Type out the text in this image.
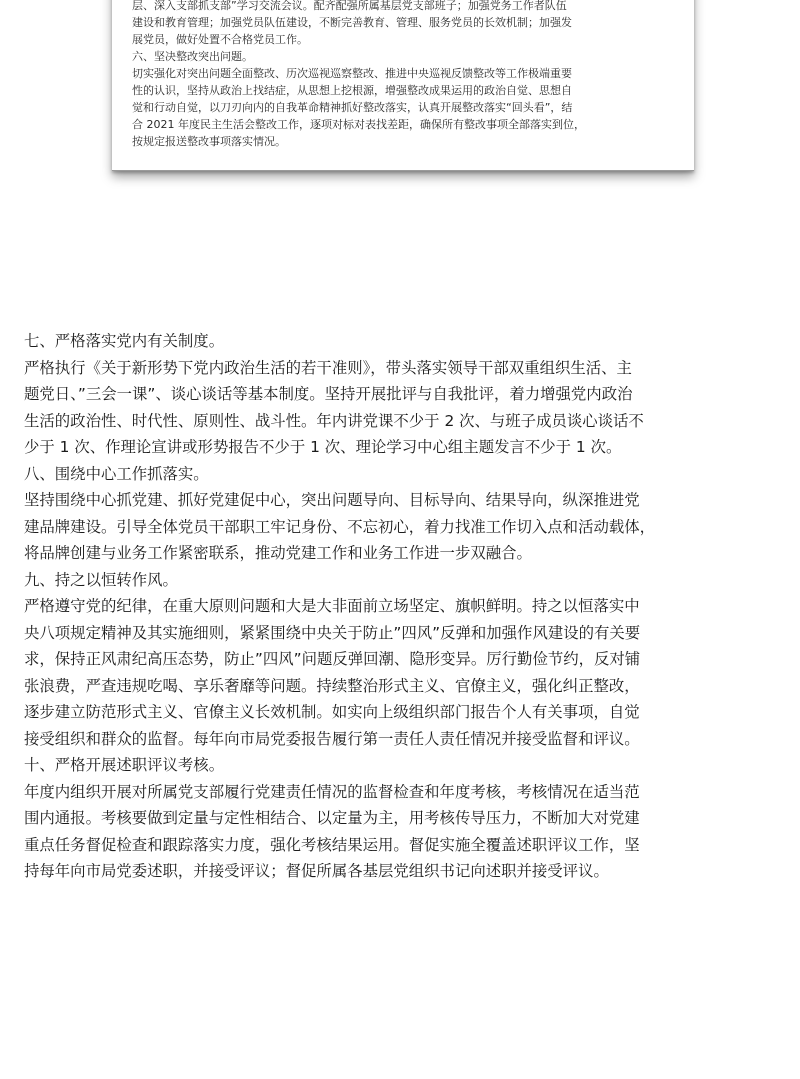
层、深入支部抓支部”学习交流会议。配齐配强所属基层党支部班子；加强党务工作者队伍

建设和教育管理；加强党员队伍建设，不断完善教育、管理、服务党员的长效机制；加强发

展党员，做好处置不合格党员工作。

六、坚决整改突出问题。

切实强化对突出问题全面整改、历次巡视巡察整改、推进中央巡视反馈整改等工作极端重要

性的认识，坚持从政治上找结症，从思想上挖根源，增强整改成果运用的政治自觉、思想自

觉和行动自觉，以刀刃向内的自我革命精神抓好整改落实，认真开展整改落实“回头看”，结

合 2021 年度民主生活会整改工作，逐项对标对表找差距，确保所有整改事项全部落实到位，

按规定报送整改事项落实情况。

七、严格落实党内有关制度。

严格执行《关于新形势下党内政治生活的若干准则》，带头落实领导干部双重组织生活、主

题党日、”三会一课”、谈心谈话等基本制度。坚持开展批评与自我批评，着力增强党内政治

生活的政治性、时代性、原则性、战斗性。年内讲党课不少于 2 次、与班子成员谈心谈话不

少于 1 次、作理论宣讲或形势报告不少于 1 次、理论学习中心组主题发言不少于 1 次。

八、围绕中心工作抓落实。

坚持围绕中心抓党建、抓好党建促中心，突出问题导向、目标导向、结果导向，纵深推进党

建品牌建设。引导全体党员干部职工牢记身份、不忘初心，着力找准工作切入点和活动载体，

将品牌创建与业务工作紧密联系，推动党建工作和业务工作进一步双融合。

九、持之以恒转作风。

严格遵守党的纪律，在重大原则问题和大是大非面前立场坚定、旗帜鲜明。持之以恒落实中

央八项规定精神及其实施细则，紧紧围绕中央关于防止”四风”反弹和加强作风建设的有关要

求，保持正风肃纪高压态势，防止”四风”问题反弹回潮、隐形变异。厉行勤俭节约，反对铺

张浪费，严查违规吃喝、享乐奢靡等问题。持续整治形式主义、官僚主义，强化纠正整改，

逐步建立防范形式主义、官僚主义长效机制。如实向上级组织部门报告个人有关事项，自觉

接受组织和群众的监督。每年向市局党委报告履行第一责任人责任情况并接受监督和评议。

十、严格开展述职评议考核。

年度内组织开展对所属党支部履行党建责任情况的监督检查和年度考核，考核情况在适当范

围内通报。考核要做到定量与定性相结合、以定量为主，用考核传导压力，不断加大对党建

重点任务督促检查和跟踪落实力度，强化考核结果运用。督促实施全覆盖述职评议工作，坚

持每年向市局党委述职，并接受评议；督促所属各基层党组织书记向述职并接受评议。
